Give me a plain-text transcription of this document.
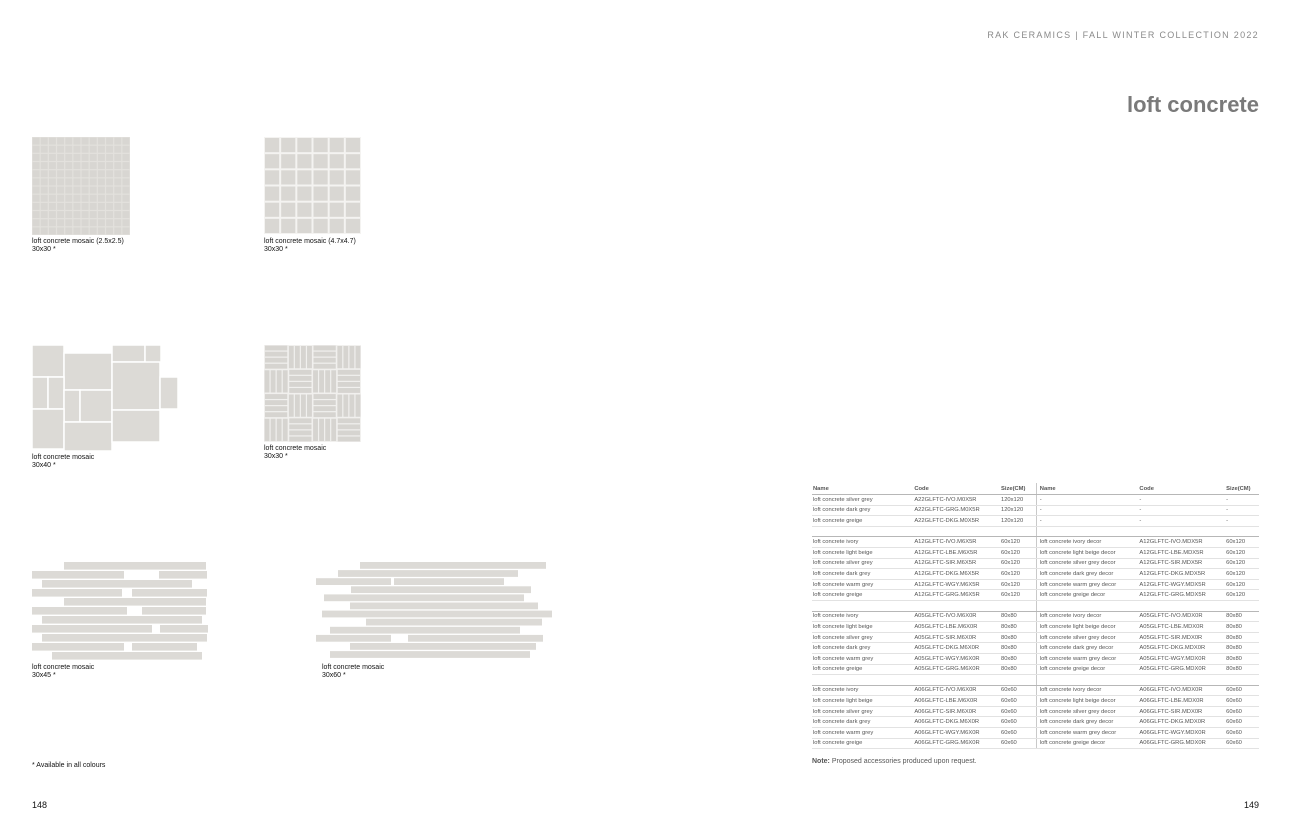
RAK CERAMICS | FALL WINTER COLLECTION 2022
loft concrete
loft concrete mosaic (2.5x2.5)
30x30 *
loft concrete mosaic (4.7x4.7)
30x30 *
loft concrete mosaic
30x40 *
loft concrete mosaic
30x30 *
loft concrete mosaic
30x45 *
loft concrete mosaic
30x60 *
* Available in all colours
148	149
Name	Code	Size(CM)	Name	Code	Size(CM)
loft concrete silver grey	A22GLFTC-IVO.M0X5R	120x120	-	-	-
loft concrete dark grey	A22GLFTC-GRG.M0X5R	120x120	-	-	-
loft concrete greige	A22GLFTC-DKG.M0X5R	120x120	-	-	-

loft concrete ivory	A12GLFTC-IVO.M6X5R	60x120	loft concrete ivory decor	A12GLFTC-IVO.MDX5R	60x120
loft concrete light beige	A12GLFTC-LBE.M6X5R	60x120	loft concrete light beige decor	A12GLFTC-LBE.MDX5R	60x120
loft concrete silver grey	A12GLFTC-SIR.M6X5R	60x120	loft concrete silver grey decor	A12GLFTC-SIR.MDX5R	60x120
loft concrete dark grey	A12GLFTC-DKG.M6X5R	60x120	loft concrete dark grey decor	A12GLFTC-DKG.MDX5R	60x120
loft concrete warm grey	A12GLFTC-WGY.M6X5R	60x120	loft concrete warm grey decor	A12GLFTC-WGY.MDX5R	60x120
loft concrete greige	A12GLFTC-GRG.M6X5R	60x120	loft concrete greige decor	A12GLFTC-GRG.MDX5R	60x120

loft concrete ivory	A05GLFTC-IVO.M6X0R	80x80	loft concrete ivory decor	A05GLFTC-IVO.MDX0R	80x80
loft concrete light beige	A05GLFTC-LBE.M6X0R	80x80	loft concrete light beige decor	A05GLFTC-LBE.MDX0R	80x80
loft concrete silver grey	A05GLFTC-SIR.M6X0R	80x80	loft concrete silver grey decor	A05GLFTC-SIR.MDX0R	80x80
loft concrete dark grey	A05GLFTC-DKG.M6X0R	80x80	loft concrete dark grey decor	A05GLFTC-DKG.MDX0R	80x80
loft concrete warm grey	A05GLFTC-WGY.M6X0R	80x80	loft concrete warm grey decor	A05GLFTC-WGY.MDX0R	80x80
loft concrete greige	A05GLFTC-GRG.M6X0R	80x80	loft concrete greige decor	A05GLFTC-GRG.MDX0R	80x80

loft concrete ivory	A06GLFTC-IVO.M6X0R	60x60	loft concrete ivory decor	A06GLFTC-IVO.MDX0R	60x60
loft concrete light beige	A06GLFTC-LBE.M6X0R	60x60	loft concrete light beige decor	A06GLFTC-LBE.MDX0R	60x60
loft concrete silver grey	A06GLFTC-SIR.M6X0R	60x60	loft concrete silver grey decor	A06GLFTC-SIR.MDX0R	60x60
loft concrete dark grey	A06GLFTC-DKG.M6X0R	60x60	loft concrete dark grey decor	A06GLFTC-DKG.MDX0R	60x60
loft concrete warm grey	A06GLFTC-WGY.M6X0R	60x60	loft concrete warm grey decor	A06GLFTC-WGY.MDX0R	60x60
loft concrete greige	A06GLFTC-GRG.M6X0R	60x60	loft concrete greige decor	A06GLFTC-GRG.MDX0R	60x60
Note: Proposed accessories produced upon request.
